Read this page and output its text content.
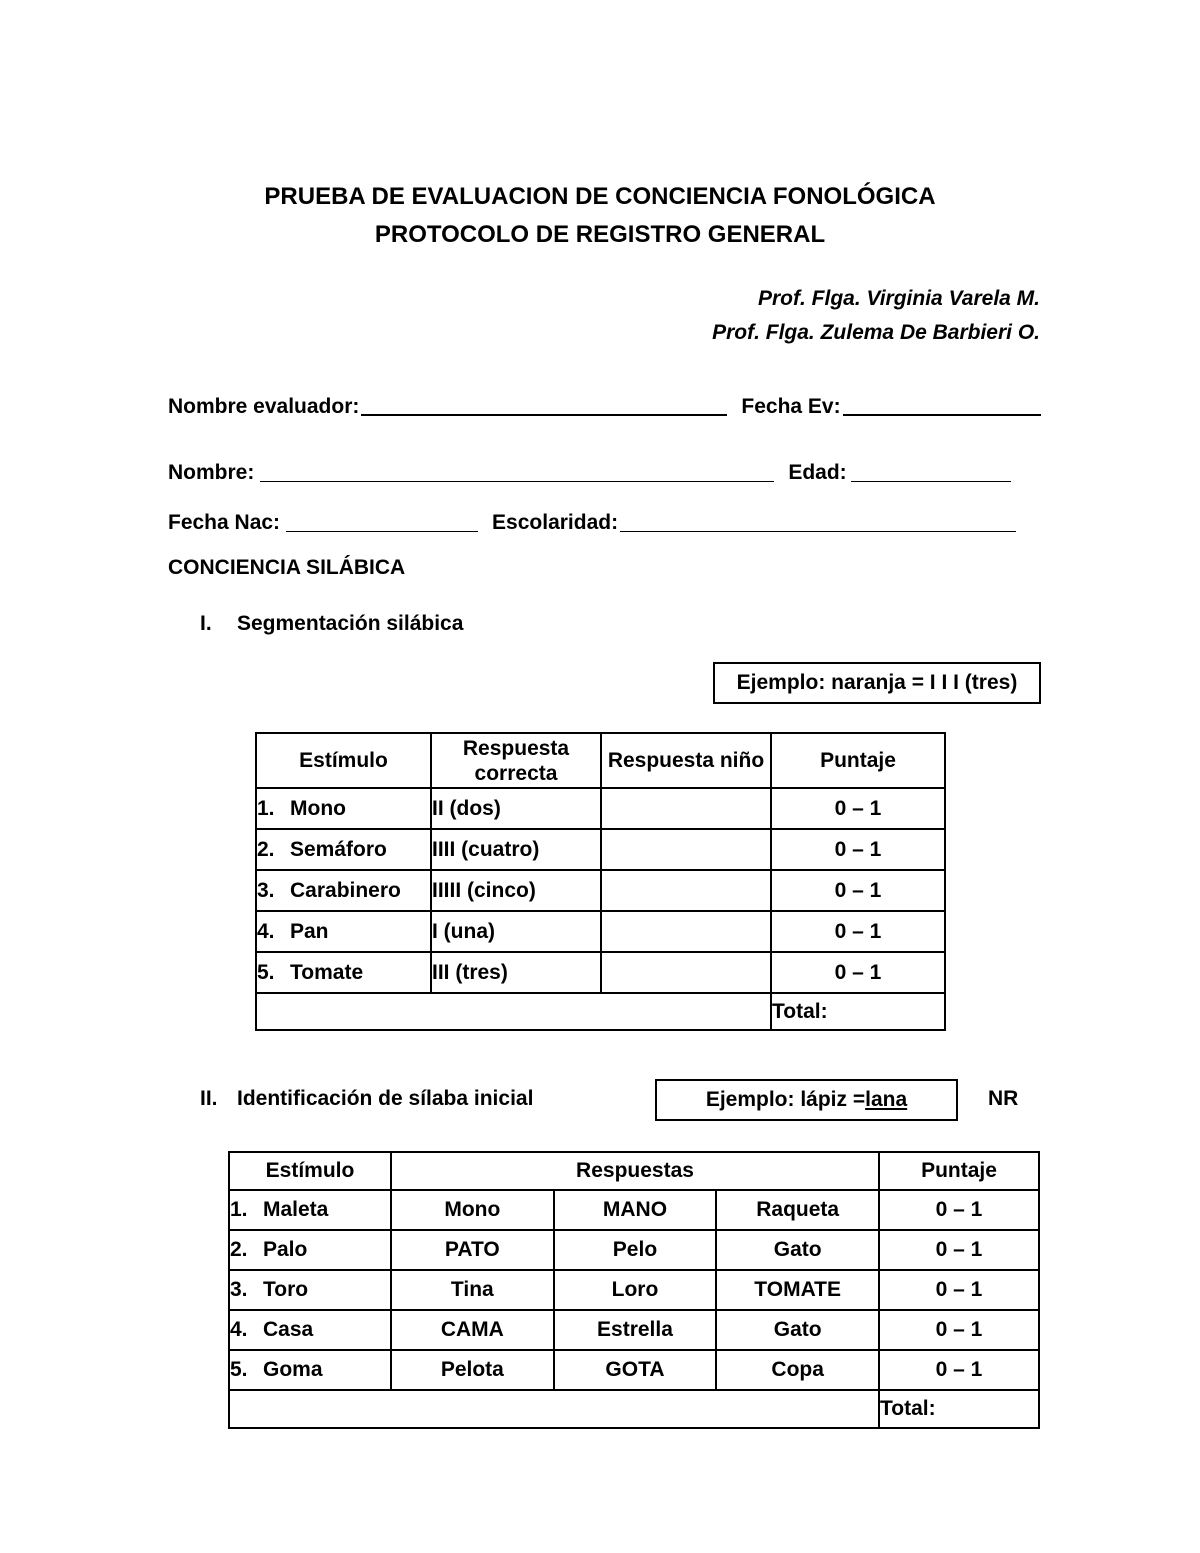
PRUEBA DE EVALUACION DE CONCIENCIA FONOLÓGICA
PROTOCOLO DE REGISTRO GENERAL
Prof. Flga. Virginia Varela M.
Prof. Flga. Zulema De Barbieri O.
Nombre evaluador:	Fecha Ev:
Nombre:	Edad:
Fecha Nac:	Escolaridad:
CONCIENCIA SILÁBICA
I. Segmentación silábica
Ejemplo: naranja = I I I (tres)
Estímulo	Respuesta correcta	Respuesta niño	Puntaje
1. Mono	II (dos)		0 – 1
2. Semáforo	IIII (cuatro)		0 – 1
3. Carabinero	IIIII (cinco)		0 – 1
4. Pan	I (una)		0 – 1
5. Tomate	III (tres)		0 – 1
			Total:
II. Identificación de sílaba inicial	Ejemplo: lápiz = lana	NR
Estímulo	Respuestas			Puntaje
1. Maleta	Mono	MANO	Raqueta	0 – 1
2. Palo	PATO	Pelo	Gato	0 – 1
3. Toro	Tina	Loro	TOMATE	0 – 1
4. Casa	CAMA	Estrella	Gato	0 – 1
5. Goma	Pelota	GOTA	Copa	0 – 1
				Total:
